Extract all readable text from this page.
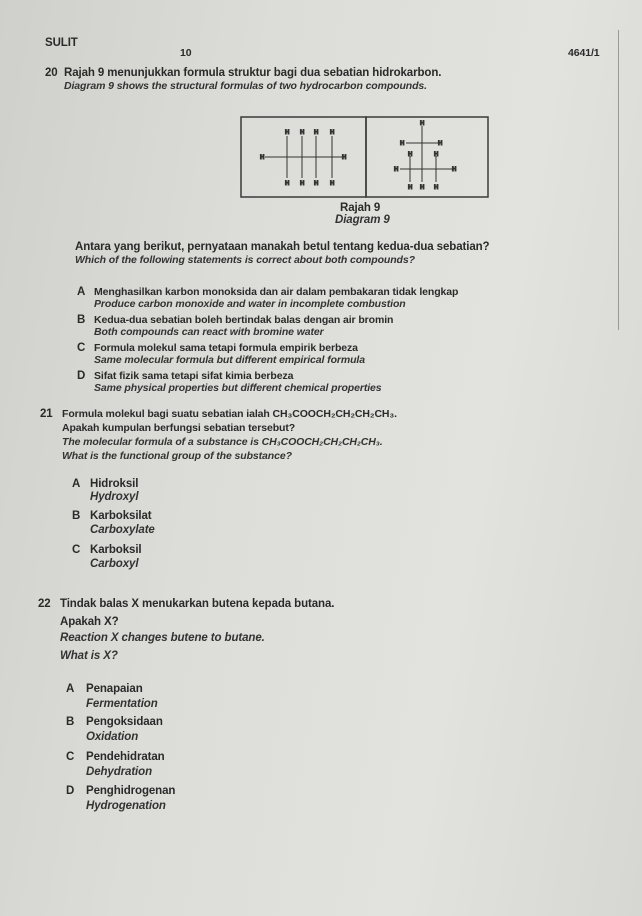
SULIT
10	4641/1
20 Rajah 9 menunjukkan formula struktur bagi dua sebatian hidrokarbon.
Diagram 9 shows the structural formulas of two hydrocarbon compounds.
H	H
H H H H
H H H H
H
H	H
H	H
H	H
H H H
Rajah 9
Diagram 9
Antara yang berikut, pernyataan manakah betul tentang kedua-dua sebatian?
Which of the following statements is correct about both compounds?
A Menghasilkan karbon monoksida dan air dalam pembakaran tidak lengkap
Produce carbon monoxide and water in incomplete combustion
B Kedua-dua sebatian boleh bertindak balas dengan air bromin
Both compounds can react with bromine water
C Formula molekul sama tetapi formula empirik berbeza
Same molecular formula but different empirical formula
D Sifat fizik sama tetapi sifat kimia berbeza
Same physical properties but different chemical properties
21 Formula molekul bagi suatu sebatian ialah CH₃COOCH₂CH₂CH₂CH₃.
Apakah kumpulan berfungsi sebatian tersebut?
The molecular formula of a substance is CH₃COOCH₂CH₂CH₂CH₃.
What is the functional group of the substance?
A Hidroksil
Hydroxyl
B Karboksilat
Carboxylate
C Karboksil
Carboxyl
22 Tindak balas X menukarkan butena kepada butana.
Apakah X?
Reaction X changes butene to butane.
What is X?
A Penapaian
Fermentation
B Pengoksidaan
Oxidation
C Pendehidratan
Dehydration
D Penghidrogenan
Hydrogenation
